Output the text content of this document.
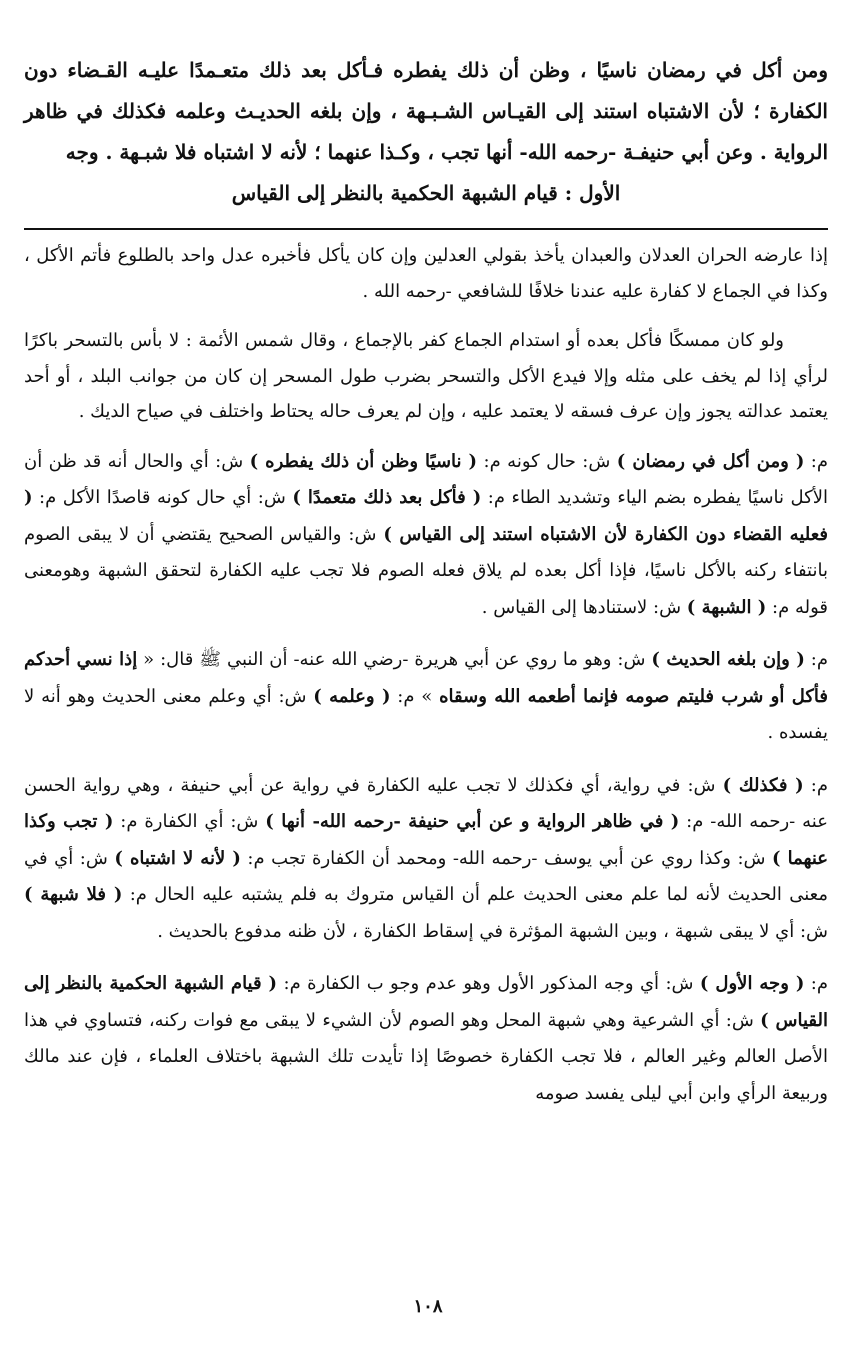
ومن أكل في رمضان ناسيًا ، وظن أن ذلك يفطره فـأكل بعد ذلك متعـمدًا عليـه القـضاء دون الكفارة ؛ لأن الاشتباه استند إلى القيـاس الشـبـهة ، وإن بلغه الحديـث وعلمه فكذلك في ظاهر الرواية . وعن أبي حنيفـة -رحمه الله- أنها تجب ، وكـذا عنهما ؛ لأنه لا اشتباه فلا شبـهة . وجه

الأول : قيام الشبهة الحكمية بالنظر إلى القياس

إذا عارضه الحران العدلان والعبدان يأخذ بقولي العدلين وإن كان يأكل فأخبره عدل واحد بالطلوع فأتم الأكل ، وكذا في الجماع لا كفارة عليه عندنا خلافًا للشافعي -رحمه الله .

ولو كان ممسكًا فأكل بعده أو استدام الجماع كفر بالإجماع ، وقال شمس الأئمة : لا بأس بالتسحر باكرًا لرأي إذا لم يخف على مثله وإلا فيدع الأكل والتسحر بضرب طول المسحر إن كان من جوانب البلد ، أو أحد يعتمد عدالته يجوز وإن عرف فسقه لا يعتمد عليه ، وإن لم يعرف حاله يحتاط واختلف في صياح الديك .

م: ( ومن أكل في رمضان ) ش: حال كونه م: ( ناسيًا وظن أن ذلك يفطره ) ش: أي والحال أنه قد ظن أن الأكل ناسيًا يفطره بضم الياء وتشديد الطاء م: ( فأكل بعد ذلك متعمدًا ) ش: أي حال كونه قاصدًا الأكل م: ( فعليه القضاء دون الكفارة لأن الاشتباه استند إلى القياس ) ش: والقياس الصحيح يقتضي أن لا يبقى الصوم بانتفاء ركنه بالأكل ناسيًا، فإذا أكل بعده لم يلاق فعله الصوم فلا تجب عليه الكفارة لتحقق الشبهة وهومعنى قوله م: ( الشبهة ) ش: لاستنادها إلى القياس .

م: ( وإن بلغه الحديث ) ش: وهو ما روي عن أبي هريرة -رضي الله عنه- أن النبي ﷺ قال: « إذا نسي أحدكم فأكل أو شرب فليتم صومه فإنما أطعمه الله وسقاه » م: ( وعلمه ) ش: أي وعلم معنى الحديث وهو أنه لا يفسده .

م: ( فكذلك ) ش: في رواية، أي فكذلك لا تجب عليه الكفارة في رواية عن أبي حنيفة ، وهي رواية الحسن عنه -رحمه الله- م: ( في ظاهر الرواية و عن أبي حنيفة -رحمه الله- أنها ) ش: أي الكفارة م: ( تجب وكذا عنهما ) ش: وكذا روي عن أبي يوسف -رحمه الله- ومحمد أن الكفارة تجب م: ( لأنه لا اشتباه ) ش: أي في معنى الحديث لأنه لما علم معنى الحديث علم أن القياس متروك به فلم يشتبه عليه الحال م: ( فلا شبهة ) ش: أي لا يبقى شبهة ، وبين الشبهة المؤثرة في إسقاط الكفارة ، لأن ظنه مدفوع بالحديث .

م: ( وجه الأول ) ش: أي وجه المذكور الأول وهو عدم وجو ب الكفارة م: ( قيام الشبهة الحكمية بالنظر إلى القياس ) ش: أي الشرعية وهي شبهة المحل وهو الصوم لأن الشيء لا يبقى مع فوات ركنه، فتساوي في هذا الأصل العالم وغير العالم ، فلا تجب الكفارة خصوصًا إذا تأيدت تلك الشبهة باختلاف العلماء ، فإن عند مالك وربيعة الرأي وابن أبي ليلى يفسد صومه

١٠٨
